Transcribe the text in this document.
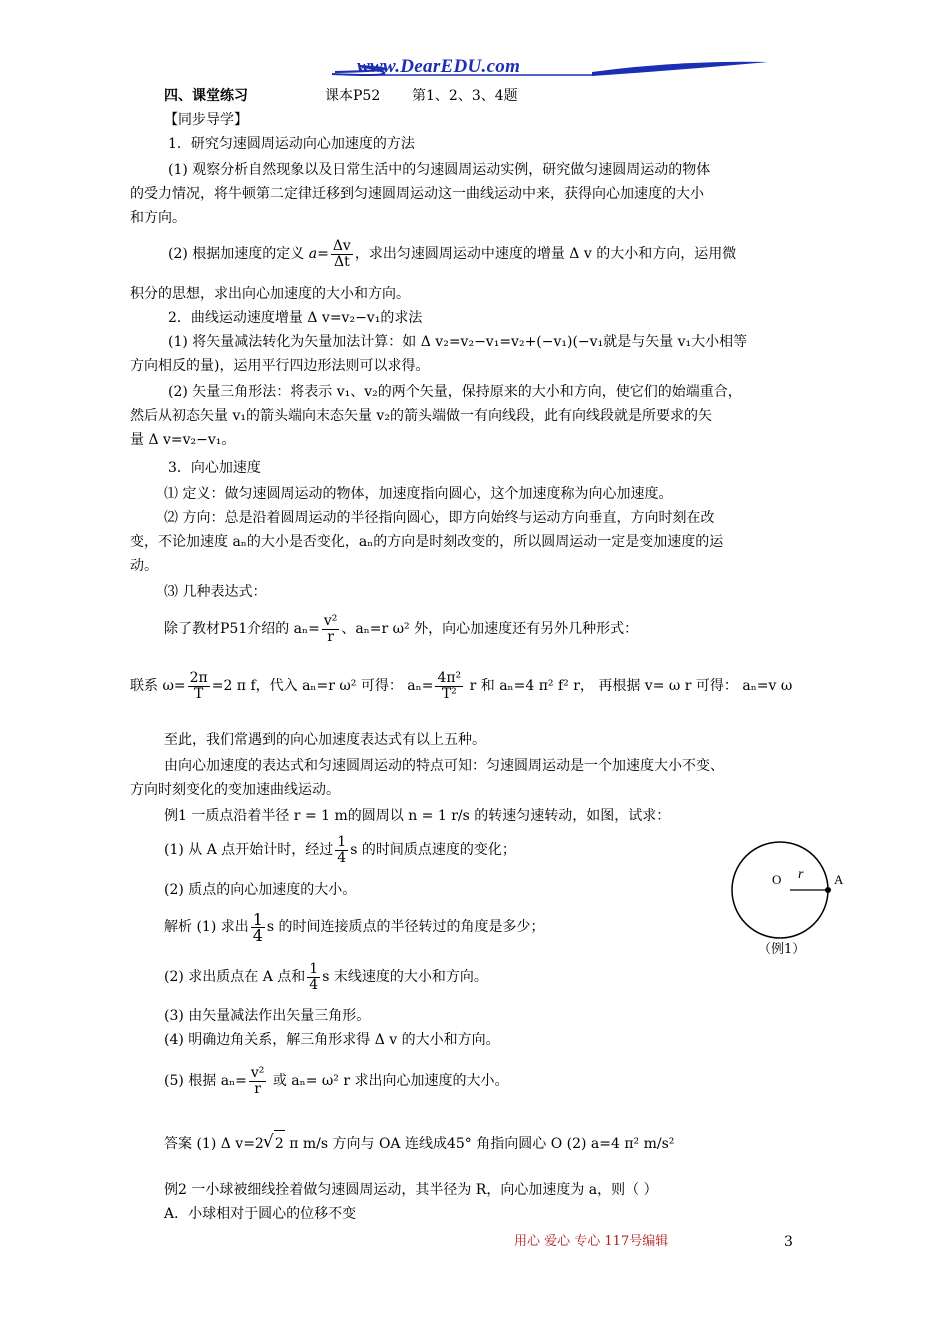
www.DearEDU.com
四、课堂练习	课本P52 第1、2、3、4题
【同步导学】
1．研究匀速圆周运动向心加速度的方法
(1) 观察分析自然现象以及日常生活中的匀速圆周运动实例，研究做匀速圆周运动的物体
的受力情况，将牛顿第二定律迁移到匀速圆周运动这一曲线运动中来，获得向心加速度的大小
和方向。
(2) 根据加速度的定义 $a= \frac{\Delta v}{\Delta t}$ ，求出匀速圆周运动中速度的增量 Δ v 的大小和方向，运用微
积分的思想，求出向心加速度的大小和方向。
2．曲线运动速度增量 Δ v=v₂−v₁的求法
(1) 将矢量减法转化为矢量加法计算：如 Δ v₂=v₂−v₁=v₂+(−v₁)(−v₁就是与矢量 v₁大小相等
方向相反的量)，运用平行四边形法则可以求得。
(2) 矢量三角形法：将表示 v₁、v₂的两个矢量，保持原来的大小和方向，使它们的始端重合，
然后从初态矢量 v₁的箭头端向末态矢量 v₂的箭头端做一有向线段，此有向线段就是所要求的矢
量 Δ v=v₂−v₁。
3．向心加速度
⑴ 定义：做匀速圆周运动的物体，加速度指向圆心，这个加速度称为向心加速度。
⑵ 方向：总是沿着圆周运动的半径指向圆心，即方向始终与运动方向垂直，方向时刻在改
变，不论加速度 aₙ的大小是否变化，aₙ的方向是时刻改变的，所以圆周运动一定是变加速度的运
动。
⑶ 几种表达式：
除了教材P51介绍的 $a_n= \frac{\text{v²}}{r}$ 、aₙ=r ω² 外，向心加速度还有另外几种形式：
联系 $\omega= \frac{2\pi}{T} =2$ π f，代入 aₙ=r ω² 可得： $a_n= \frac{\text{4π²}}{\text{T²}}$ r 和 aₙ=4 π² f² r， 再根据 v= ω r 可得： aₙ=v ω
至此，我们常遇到的向心加速度表达式有以上五种。
由向心加速度的表达式和匀速圆周运动的特点可知：匀速圆周运动是一个加速度大小不变、
方向时刻变化的变加速曲线运动。
例1 一质点沿着半径 r = 1 m的圆周以 n = 1 r/s 的转速匀速转动，如图，试求：
(1) 从 A 点开始计时，经过 $\frac{1}{4}$ s 的时间质点速度的变化；
(2) 质点的向心加速度的大小。
解析 (1) 求出 $\frac{1}{4}$ s 的时间连接质点的半径转过的角度是多少；
(2) 求出质点在 A 点和 $\frac{1}{4}$ s 末线速度的大小和方向。
(3) 由矢量减法作出矢量三角形。
(4) 明确边角关系，解三角形求得 Δ v 的大小和方向。
(5) 根据 $a_n= \frac{\text{v²}}{r}$ 或 aₙ= ω² r 求出向心加速度的大小。
答案 (1) Δ v=2√ 2 π m/s 方向与 OA 连线成45° 角指向圆心 O (2) a=4 π² m/s²
O r A
（例1）
例2 一小球被细线拴着做匀速圆周运动，其半径为 R，向心加速度为 a，则（ ）
A．小球相对于圆心的位移不变
用心 爱心 专心 117号编辑	3
